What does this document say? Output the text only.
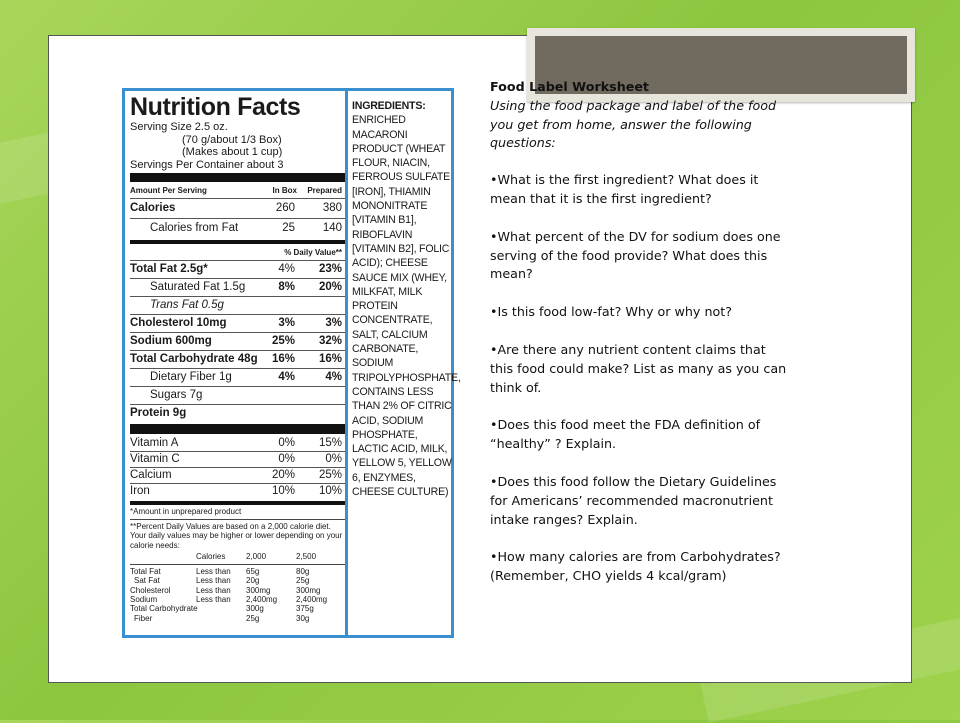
Nutrition Facts
Serving Size 2.5 oz.
(70 g/about 1/3 Box)
(Makes about 1 cup)
Servings Per Container about 3
Amount Per Serving	In Box Prepared
Calories	260 380
Calories from Fat	25 140
% Daily Value**
Total Fat 2.5g*	4% 23%
Saturated Fat 1.5g	8% 20%
Trans Fat 0.5g
Cholesterol 10mg	3%	3%
Sodium 600mg	25% 32%
Total Carbohydrate 48g 16% 16%
Dietary Fiber 1g	4%	4%
Sugars 7g
Protein 9g
Vitamin A	0% 15%
Vitamin C	0%	0%
Calcium	20% 25%
Iron	10% 10%
*Amount in unprepared product
**Percent Daily Values are based on a 2,000 calorie diet. Your daily values may be higher or lower depending on your calorie needs:
Calories	2,000	2,500
Total Fat	Less than 65g	80g
Sat Fat	Less than 20g	25g
Cholesterol	Less than 300mg	300mg
Sodium	Less than 2,400mg 2,400mg
Total Carbohydrate	300g	375g
Fiber	25g	30g
INGREDIENTS: ENRICHED MACARONI PRODUCT (WHEAT FLOUR, NIACIN, FERROUS SULFATE [IRON], THIAMIN MONONITRATE [VITAMIN B1], RIBOFLAVIN [VITAMIN B2], FOLIC ACID); CHEESE SAUCE MIX (WHEY, MILKFAT, MILK PROTEIN CONCENTRATE, SALT, CALCIUM CARBONATE, SODIUM TRIPOLYPHOSPHATE, CONTAINS LESS THAN 2% OF CITRIC ACID, SODIUM PHOSPHATE, LACTIC ACID, MILK, YELLOW 5, YELLOW 6, ENZYMES, CHEESE CULTURE)
Food Label Worksheet
Using the food package and label of the food you get from home, answer the following questions:
•What is the first ingredient? What does it mean that it is the first ingredient?
•What percent of the DV for sodium does one serving of the food provide? What does this mean?
•Is this food low-fat? Why or why not?
•Are there any nutrient content claims that this food could make? List as many as you can think of.
•Does this food meet the FDA definition of “healthy” ? Explain.
•Does this food follow the Dietary Guidelines for Americans’ recommended macronutrient intake ranges? Explain.
•How many calories are from Carbohydrates? (Remember, CHO yields 4 kcal/gram)
